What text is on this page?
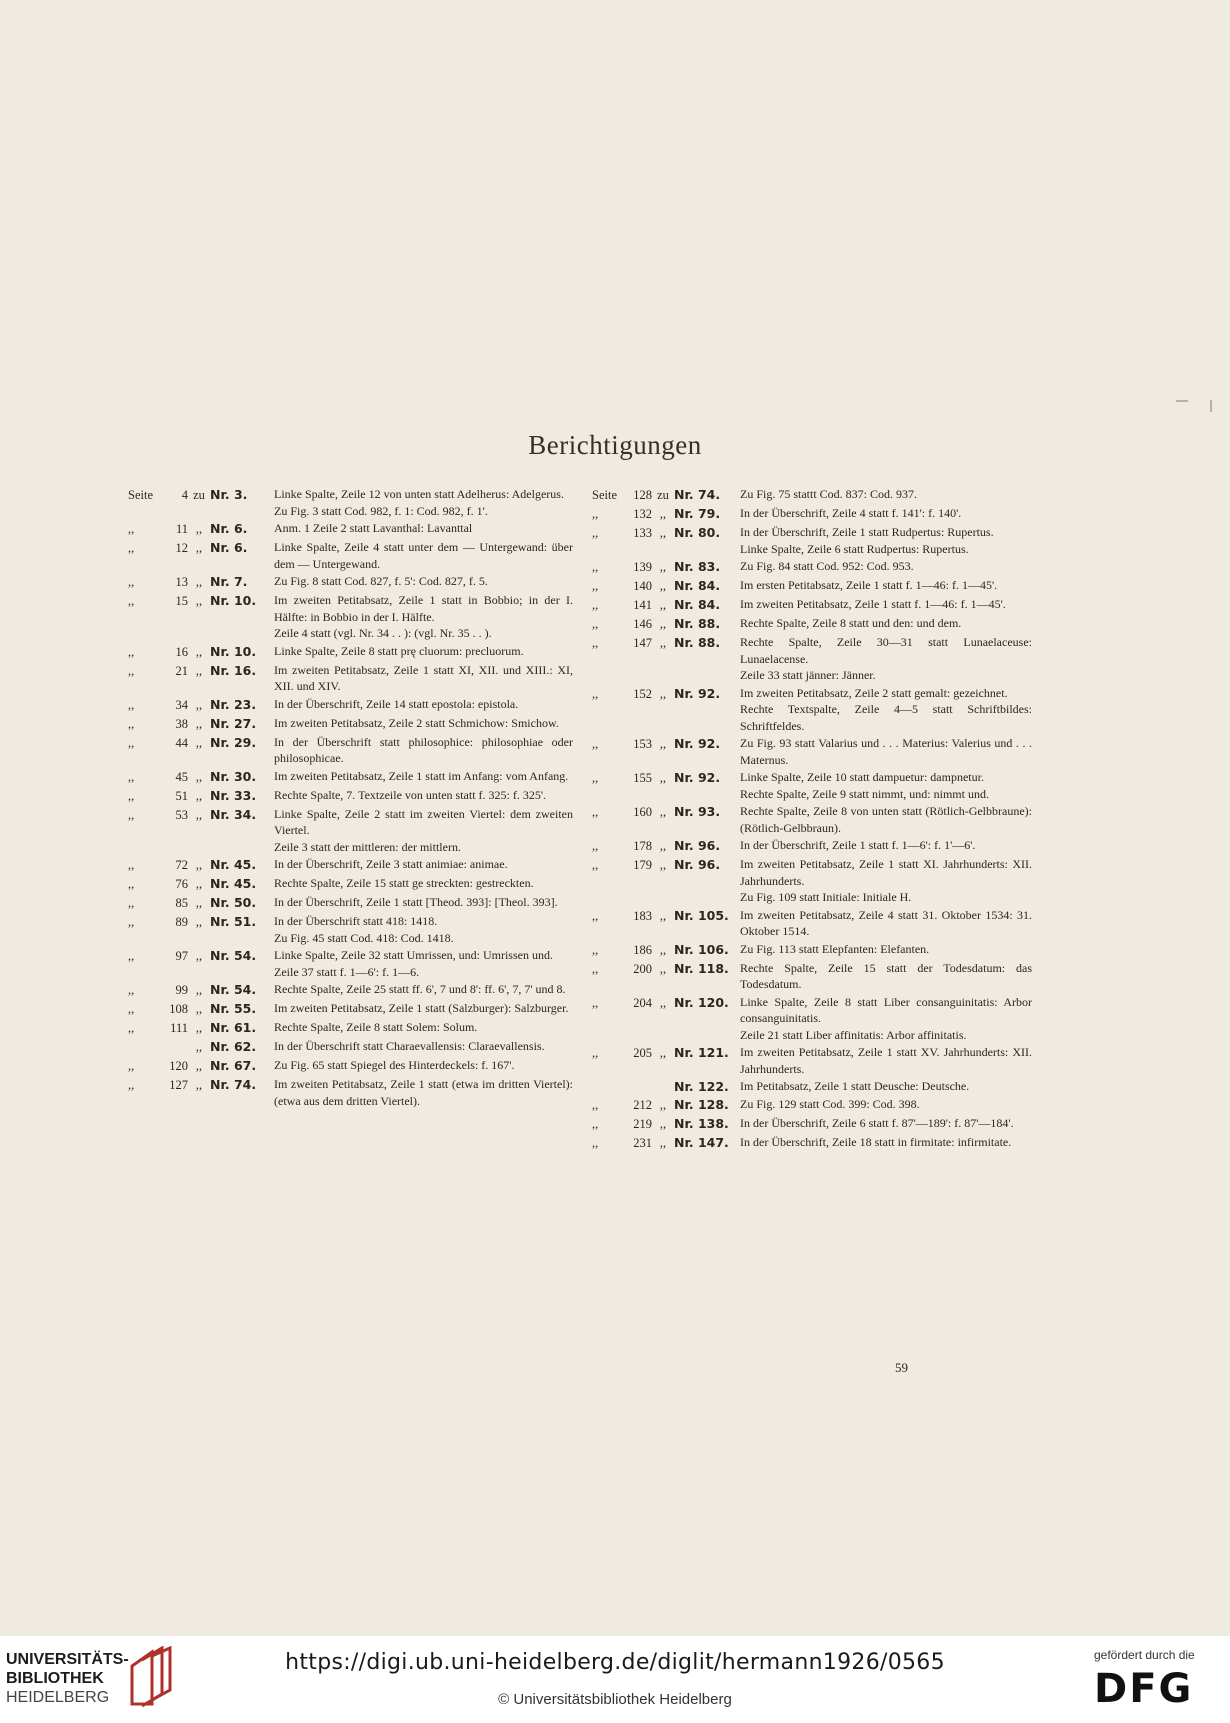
Berichtigungen
Seite	4 zu Nr. 3. Linke Spalte, Zeile 12 von unten statt Adelherus: Adelgerus.

Zu Fig. 3 statt Cod. 982, f. 1: Cod. 982, f. 1'.

,,	11 ,, Nr. 6. Anm. 1 Zeile 2 statt Lavanthal: Lavanttal

,,	12 ,, Nr. 6. Linke Spalte, Zeile 4 statt unter dem — Untergewand: über dem — Untergewand.

,,	13 ,, Nr. 7. Zu Fig. 8 statt Cod. 827, f. 5': Cod. 827, f. 5.

,,	15 ,, Nr. 10. Im zweiten Petitabsatz, Zeile 1 statt in Bobbio; in der I. Hälfte: in Bobbio in der I. Hälfte.

Zeile 4 statt (vgl. Nr. 34 . . ): (vgl. Nr. 35 . . ).

,,	16 ,, Nr. 10. Linke Spalte, Zeile 8 statt prę cluorum: precluorum.

,,	21 ,, Nr. 16. Im zweiten Petitabsatz, Zeile 1 statt XI, XII. und XIII.: XI, XII. und XIV.

,,	34 ,, Nr. 23. In der Überschrift, Zeile 14 statt epostola: epistola.

,,	38 ,, Nr. 27. Im zweiten Petitabsatz, Zeile 2 statt Schmichow: Smichow.

,,	44 ,, Nr. 29. In der Überschrift statt philosophice: philosophiae oder philosophicae.

,,	45 ,, Nr. 30. Im zweiten Petitabsatz, Zeile 1 statt im Anfang: vom Anfang.

,,	51 ,, Nr. 33. Rechte Spalte, 7. Textzeile von unten statt f. 325: f. 325'.

,,	53 ,, Nr. 34. Linke Spalte, Zeile 2 statt im zweiten Viertel: dem zweiten Viertel.

Zeile 3 statt der mittleren: der mittlern.

,,	72 ,, Nr. 45. In der Überschrift, Zeile 3 statt animiae: animae.

,,	76 ,, Nr. 45. Rechte Spalte, Zeile 15 statt ge streckten: gestreckten.

,,	85 ,, Nr. 50. In der Überschrift, Zeile 1 statt [Theod. 393]: [Theol. 393].

,,	89 ,, Nr. 51. In der Überschrift statt 418: 1418.

Zu Fig. 45 statt Cod. 418: Cod. 1418.

,,	97 ,, Nr. 54. Linke Spalte, Zeile 32 statt Umrissen, und: Umrissen und.

Zeile 37 statt f. 1—6': f. 1—6.

,,	99 ,, Nr. 54. Rechte Spalte, Zeile 25 statt ff. 6', 7 und 8': ff. 6', 7, 7' und 8.

,,	108 ,, Nr. 55. Im zweiten Petitabsatz, Zeile 1 statt (Salzburger): Salzburger.

,,	111 ,, Nr. 61. Rechte Spalte, Zeile 8 statt Solem: Solum.

,, Nr. 62. In der Überschrift statt Charaevallensis: Claraevallensis.

,,	120 ,, Nr. 67. Zu Fig. 65 statt Spiegel des Hinterdeckels: f. 167'.

,,	127 ,, Nr. 74. Im zweiten Petitabsatz, Zeile 1 statt (etwa im dritten Viertel): (etwa aus dem dritten Viertel).

Seite	128 zu Nr. 74. Zu Fig. 75 stattt Cod. 837: Cod. 937.

,,	132 ,, Nr. 79. In der Überschrift, Zeile 4 statt f. 141': f. 140'.

,,	133 ,, Nr. 80. In der Überschrift, Zeile 1 statt Rudpertus: Rupertus.

Linke Spalte, Zeile 6 statt Rudpertus: Rupertus.

,,	139 ,, Nr. 83. Zu Fig. 84 statt Cod. 952: Cod. 953.

,,	140 ,, Nr. 84. Im ersten Petitabsatz, Zeile 1 statt f. 1—46: f. 1—45'.

,,	141 ,, Nr. 84. Im zweiten Petitabsatz, Zeile 1 statt f. 1—46: f. 1—45'.

,,	146 ,, Nr. 88. Rechte Spalte, Zeile 8 statt und den: und dem.

,,	147 ,, Nr. 88. Rechte Spalte, Zeile 30—31 statt Lunaelaceuse: Lunaelacense.

Zeile 33 statt jänner: Jänner.

,,	152 ,, Nr. 92. Im zweiten Petitabsatz, Zeile 2 statt gemalt: gezeichnet.

Rechte Textspalte, Zeile 4—5 statt Schriftbildes: Schriftfeldes.

,,	153 ,, Nr. 92. Zu Fig. 93 statt Valarius und . . . Materius: Valerius und . . . Maternus.

,,	155 ,, Nr. 92. Linke Spalte, Zeile 10 statt dampuetur: dampnetur.

Rechte Spalte, Zeile 9 statt nimmt, und: nimmt und.

,,	160 ,, Nr. 93. Rechte Spalte, Zeile 8 von unten statt (Rötlich-Gelbbraune): (Rötlich-Gelbbraun).

,,	178 ,, Nr. 96. In der Überschrift, Zeile 1 statt f. 1—6': f. 1'—6'.

,,	179 ,, Nr. 96. Im zweiten Petitabsatz, Zeile 1 statt XI. Jahrhunderts: XII. Jahrhunderts.

Zu Fig. 109 statt Initiale: Initiale H.

,,	183 ,, Nr. 105. Im zweiten Petitabsatz, Zeile 4 statt 31. Oktober 1534: 31. Oktober 1514.

,,	186 ,, Nr. 106. Zu Fig. 113 statt Elepfanten: Elefanten.

,,	200 ,, Nr. 118. Rechte Spalte, Zeile 15 statt der Todesdatum: das Todesdatum.

,,	204 ,, Nr. 120. Linke Spalte, Zeile 8 statt Liber consanguinitatis: Arbor consanguinitatis.

Zeile 21 statt Liber affinitatis: Arbor affinitatis.

,,	205 ,, Nr. 121. Im zweiten Petitabsatz, Zeile 1 statt XV. Jahrhunderts: XII. Jahrhunderts.

Nr. 122. Im Petitabsatz, Zeile 1 statt Deusche: Deutsche.

,,	212 ,, Nr. 128. Zu Fig. 129 statt Cod. 399: Cod. 398.

,,	219 ,, Nr. 138. In der Überschrift, Zeile 6 statt f. 87'—189': f. 87'—184'.

,,	231 ,, Nr. 147. In der Überschrift, Zeile 18 statt in firmitate: infirmitate.

59
UNIVERSITÄTS-
BIBLIOTHEK
HEIDELBERG
https://digi.ub.uni-heidelberg.de/diglit/hermann1926/0565
© Universitätsbibliothek Heidelberg
gefördert durch die
DFG
